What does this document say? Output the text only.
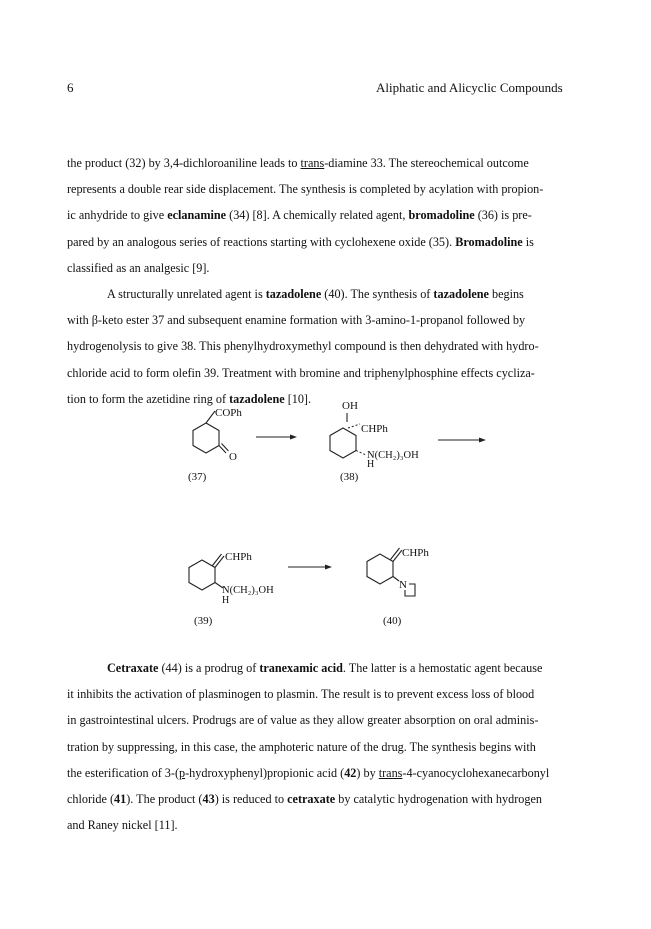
6	Aliphatic and Alicyclic Compounds

the product (32) by 3,4-dichloroaniline leads to trans-diamine 33. The stereochemical outcome
represents a double rear side displacement. The synthesis is completed by acylation with propion-
ic anhydride to give eclanamine (34) [8]. A chemically related agent, bromadoline (36) is pre-
pared by an analogous series of reactions starting with cyclohexene oxide (35). Bromadoline is
classified as an analgesic [9].

A structurally unrelated agent is tazadolene (40). The synthesis of tazadolene begins
with β-keto ester 37 and subsequent enamine formation with 3-amino-1-propanol followed by
hydrogenolysis to give 38. This phenylhydroxymethyl compound is then dehydrated with hydro-
chloride acid to form olefin 39. Treatment with bromine and triphenylphosphine effects cycliza-
tion to form the azetidine ring of tazadolene [10].

COPh
O
(37)
OH
CHPh
N(CH₂)₃OH
H
(38)
CHPh
N(CH₂)₃OH
H
(39)
CHPh
N
(40)

Cetraxate (44) is a prodrug of tranexamic acid. The latter is a hemostatic agent because
it inhibits the activation of plasminogen to plasmin. The result is to prevent excess loss of blood
in gastrointestinal ulcers. Prodrugs are of value as they allow greater absorption on oral adminis-
tration by suppressing, in this case, the amphoteric nature of the drug. The synthesis begins with
the esterification of 3-(p-hydroxyphenyl)propionic acid (42) by trans-4-cyanocyclohexanecarbonyl
chloride (41). The product (43) is reduced to cetraxate by catalytic hydrogenation with hydrogen
and Raney nickel [11].
